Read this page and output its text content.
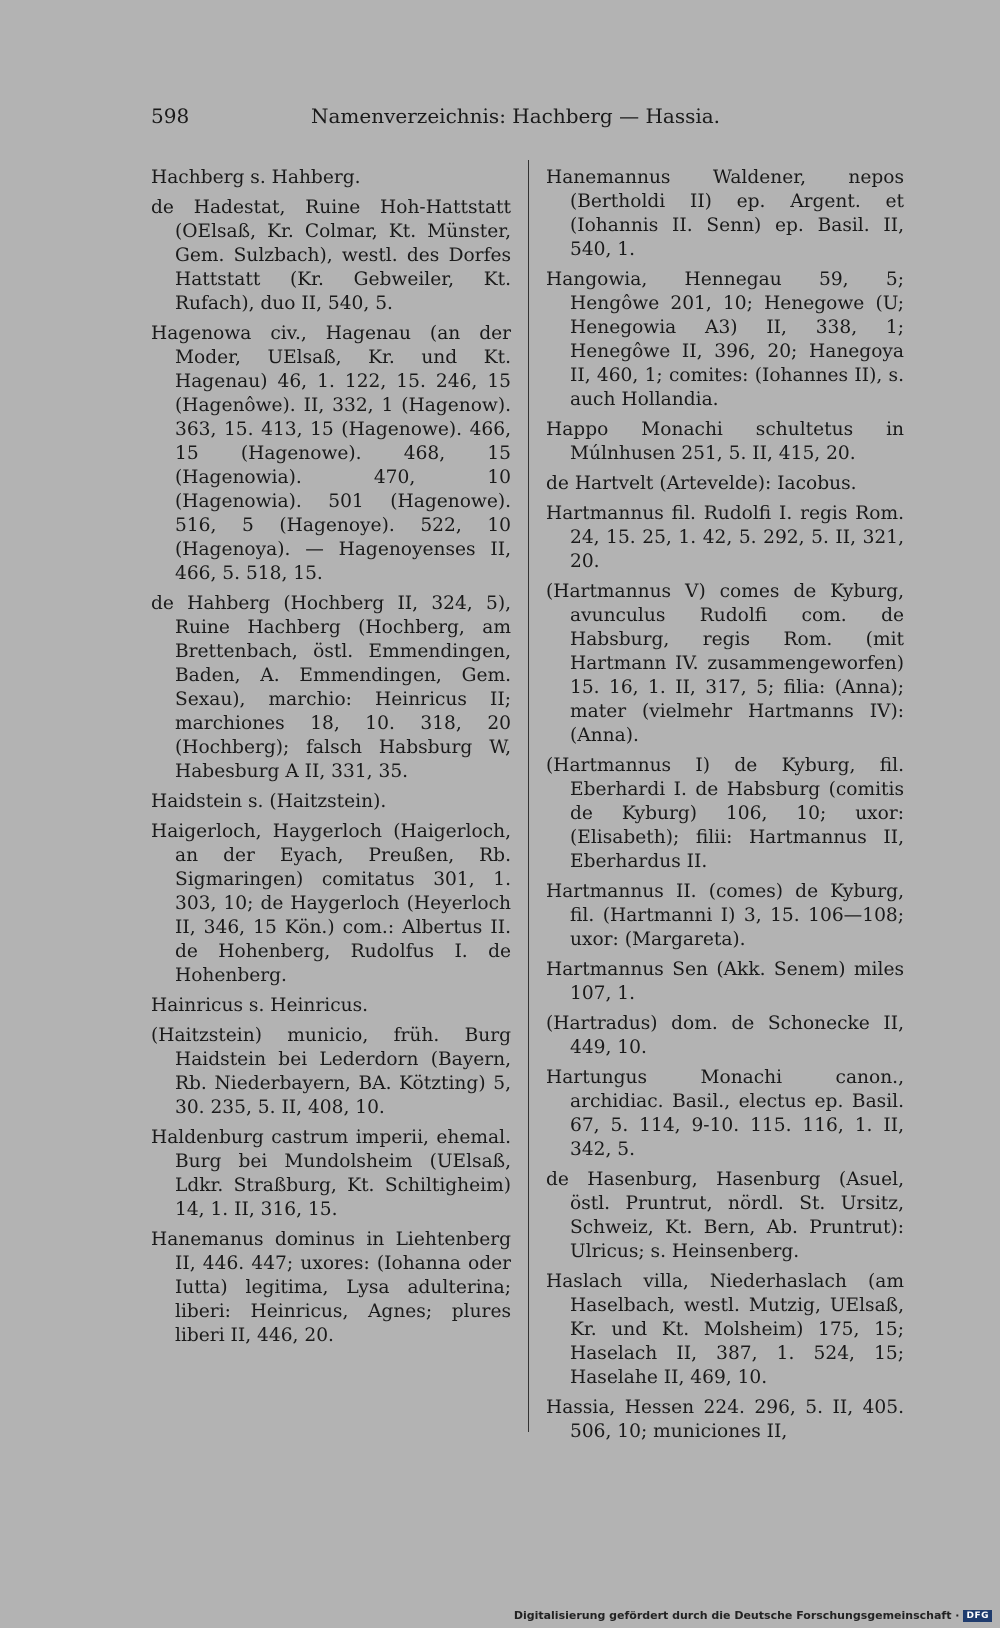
598	Namenverzeichnis: Hachberg — Hassia.

Hachberg s. Hahberg.

de Hadestat, Ruine Hoh-Hattstatt (OElsaß, Kr. Colmar, Kt. Münster, Gem. Sulzbach), westl. des Dorfes Hattstatt (Kr. Gebweiler, Kt. Rufach), duo II, 540, 5.

Hagenowa civ., Hagenau (an der Moder, UElsaß, Kr. und Kt. Hagenau) 46, 1. 122, 15. 246, 15 (Hagenôwe). II, 332, 1 (Hagenow). 363, 15. 413, 15 (Hagenowe). 466, 15 (Hagenowe). 468, 15 (Hagenowia). 470, 10 (Hagenowia). 501 (Hagenowe). 516, 5 (Hagenoye). 522, 10 (Hagenoya). — Hagenoyenses II, 466, 5. 518, 15.

de Hahberg (Hochberg II, 324, 5), Ruine Hachberg (Hochberg, am Brettenbach, östl. Emmendingen, Baden, A. Emmendingen, Gem. Sexau), marchio: Heinricus II; marchiones 18, 10. 318, 20 (Hochberg); falsch Habsburg W, Habesburg A II, 331, 35.

Haidstein s. (Haitzstein).

Haigerloch, Haygerloch (Haigerloch, an der Eyach, Preußen, Rb. Sigmaringen) comitatus 301, 1. 303, 10; de Haygerloch (Heyerloch II, 346, 15 Kön.) com.: Albertus II. de Hohenberg, Rudolfus I. de Hohenberg.

Hainricus s. Heinricus.

(Haitzstein) municio, früh. Burg Haidstein bei Lederdorn (Bayern, Rb. Niederbayern, BA. Kötzting) 5, 30. 235, 5. II, 408, 10.

Haldenburg castrum imperii, ehemal. Burg bei Mundolsheim (UElsaß, Ldkr. Straßburg, Kt. Schiltigheim) 14, 1. II, 316, 15.

Hanemanus dominus in Liehtenberg II, 446. 447; uxores: (Iohanna oder Iutta) legitima, Lysa adulterina; liberi: Heinricus, Agnes; plures liberi II, 446, 20.

Hanemannus Waldener, nepos (Bertholdi II) ep. Argent. et (Iohannis II. Senn) ep. Basil. II, 540, 1.

Hangowia, Hennegau 59, 5; Hengôwe 201, 10; Henegowe (U; Henegowia A3) II, 338, 1; Henegôwe II, 396, 20; Hanegoya II, 460, 1; comites: (Iohannes II), s. auch Hollandia.

Happo Monachi schultetus in Múlnhusen 251, 5. II, 415, 20.

de Hartvelt (Artevelde): Iacobus.

Hartmannus fil. Rudolfi I. regis Rom. 24, 15. 25, 1. 42, 5. 292, 5. II, 321, 20.

(Hartmannus V) comes de Kyburg, avunculus Rudolfi com. de Habsburg, regis Rom. (mit Hartmann IV. zusammengeworfen) 15. 16, 1. II, 317, 5; filia: (Anna); mater (vielmehr Hartmanns IV): (Anna).

(Hartmannus I) de Kyburg, fil. Eberhardi I. de Habsburg (comitis de Kyburg) 106, 10; uxor: (Elisabeth); filii: Hartmannus II, Eberhardus II.

Hartmannus II. (comes) de Kyburg, fil. (Hartmanni I) 3, 15. 106—108; uxor: (Margareta).

Hartmannus Sen (Akk. Senem) miles 107, 1.

(Hartradus) dom. de Schonecke II, 449, 10.

Hartungus Monachi canon., archidiac. Basil., electus ep. Basil. 67, 5. 114, 9-10. 115. 116, 1. II, 342, 5.

de Hasenburg, Hasenburg (Asuel, östl. Pruntrut, nördl. St. Ursitz, Schweiz, Kt. Bern, Ab. Pruntrut): Ulricus; s. Heinsenberg.

Haslach villa, Niederhaslach (am Haselbach, westl. Mutzig, UElsaß, Kr. und Kt. Molsheim) 175, 15; Haselach II, 387, 1. 524, 15; Haselahe II, 469, 10.

Hassia, Hessen 224. 296, 5. II, 405. 506, 10; municiones II,

Digitalisierung gefördert durch die Deutsche Forschungsgemeinschaft · DFG
